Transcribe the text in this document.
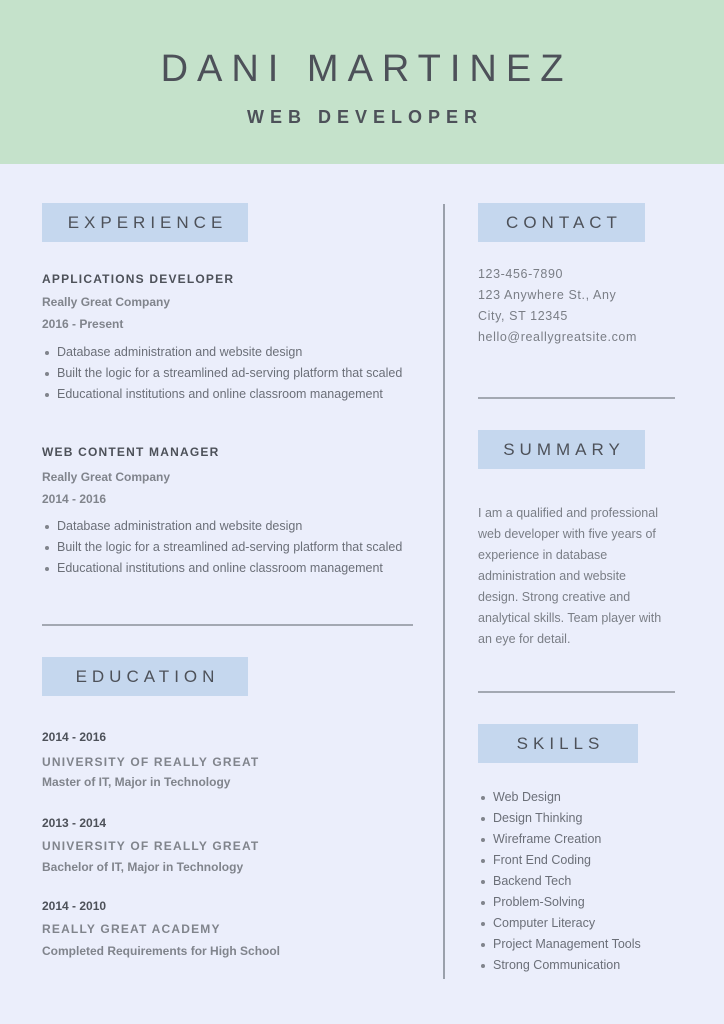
DANI MARTINEZ
WEB DEVELOPER
EXPERIENCE
APPLICATIONS DEVELOPER
Really Great Company
2016 - Present
Database administration and website design
Built the logic for a streamlined ad-serving platform that scaled
Educational institutions and online classroom management
WEB CONTENT MANAGER
Really Great Company
2014 - 2016
Database administration and website design
Built the logic for a streamlined ad-serving platform that scaled
Educational institutions and online classroom management
EDUCATION
2014 - 2016
UNIVERSITY OF REALLY GREAT
Master of IT, Major in Technology
2013 - 2014
UNIVERSITY OF REALLY GREAT
Bachelor of IT, Major in Technology
2014 - 2010
REALLY GREAT ACADEMY
Completed Requirements for High School
CONTACT
123-456-7890
123 Anywhere St., Any
City, ST 12345
hello@reallygreatsite.com
SUMMARY
I am a qualified and professional web developer with five years of experience in database administration and website design. Strong creative and analytical skills. Team player with an eye for detail.
SKILLS
Web Design
Design Thinking
Wireframe Creation
Front End Coding
Backend Tech
Problem-Solving
Computer Literacy
Project Management Tools
Strong Communication
